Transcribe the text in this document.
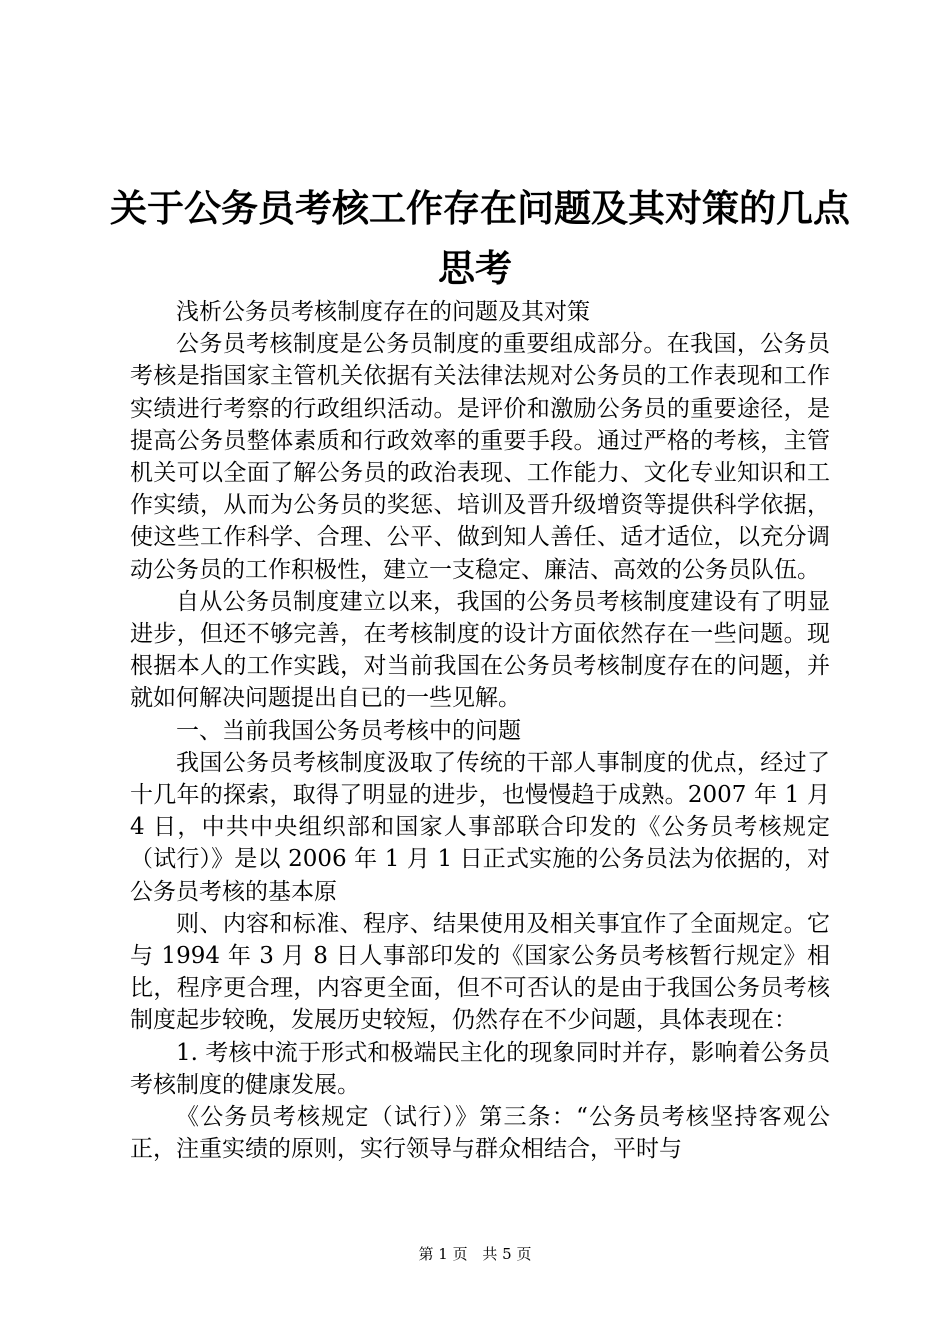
关于公务员考核工作存在问题及其对策的几点
思考

浅析公务员考核制度存在的问题及其对策

公务员考核制度是公务员制度的重要组成部分。在我国，公务员考核是指国家主管机关依据有关法律法规对公务员的工作表现和工作实绩进行考察的行政组织活动。是评价和激励公务员的重要途径，是提高公务员整体素质和行政效率的重要手段。通过严格的考核，主管机关可以全面了解公务员的政治表现、工作能力、文化专业知识和工作实绩，从而为公务员的奖惩、培训及晋升级增资等提供科学依据，使这些工作科学、合理、公平、做到知人善任、适才适位，以充分调动公务员的工作积极性，建立一支稳定、廉洁、高效的公务员队伍。

自从公务员制度建立以来，我国的公务员考核制度建设有了明显进步，但还不够完善，在考核制度的设计方面依然存在一些问题。现根据本人的工作实践，对当前我国在公务员考核制度存在的问题，并就如何解决问题提出自已的一些见解。

一、当前我国公务员考核中的问题

我国公务员考核制度汲取了传统的干部人事制度的优点，经过了十几年的探索，取得了明显的进步，也慢慢趋于成熟。2007 年 1 月 4 日，中共中央组织部和国家人事部联合印发的《公务员考核规定（试行）》是以 2006 年 1 月 1 日正式实施的公务员法为依据的，对公务员考核的基本原

则、内容和标准、程序、结果使用及相关事宜作了全面规定。它与 1994 年 3 月 8 日人事部印发的《国家公务员考核暂行规定》相比，程序更合理，内容更全面，但不可否认的是由于我国公务员考核制度起步较晚，发展历史较短，仍然存在不少问题，具体表现在：

1. 考核中流于形式和极端民主化的现象同时并存，影响着公务员考核制度的健康发展。

《公务员考核规定（试行）》第三条：“公务员考核坚持客观公正，注重实绩的原则，实行领导与群众相结合，平时与

第 1 页 共 5 页
